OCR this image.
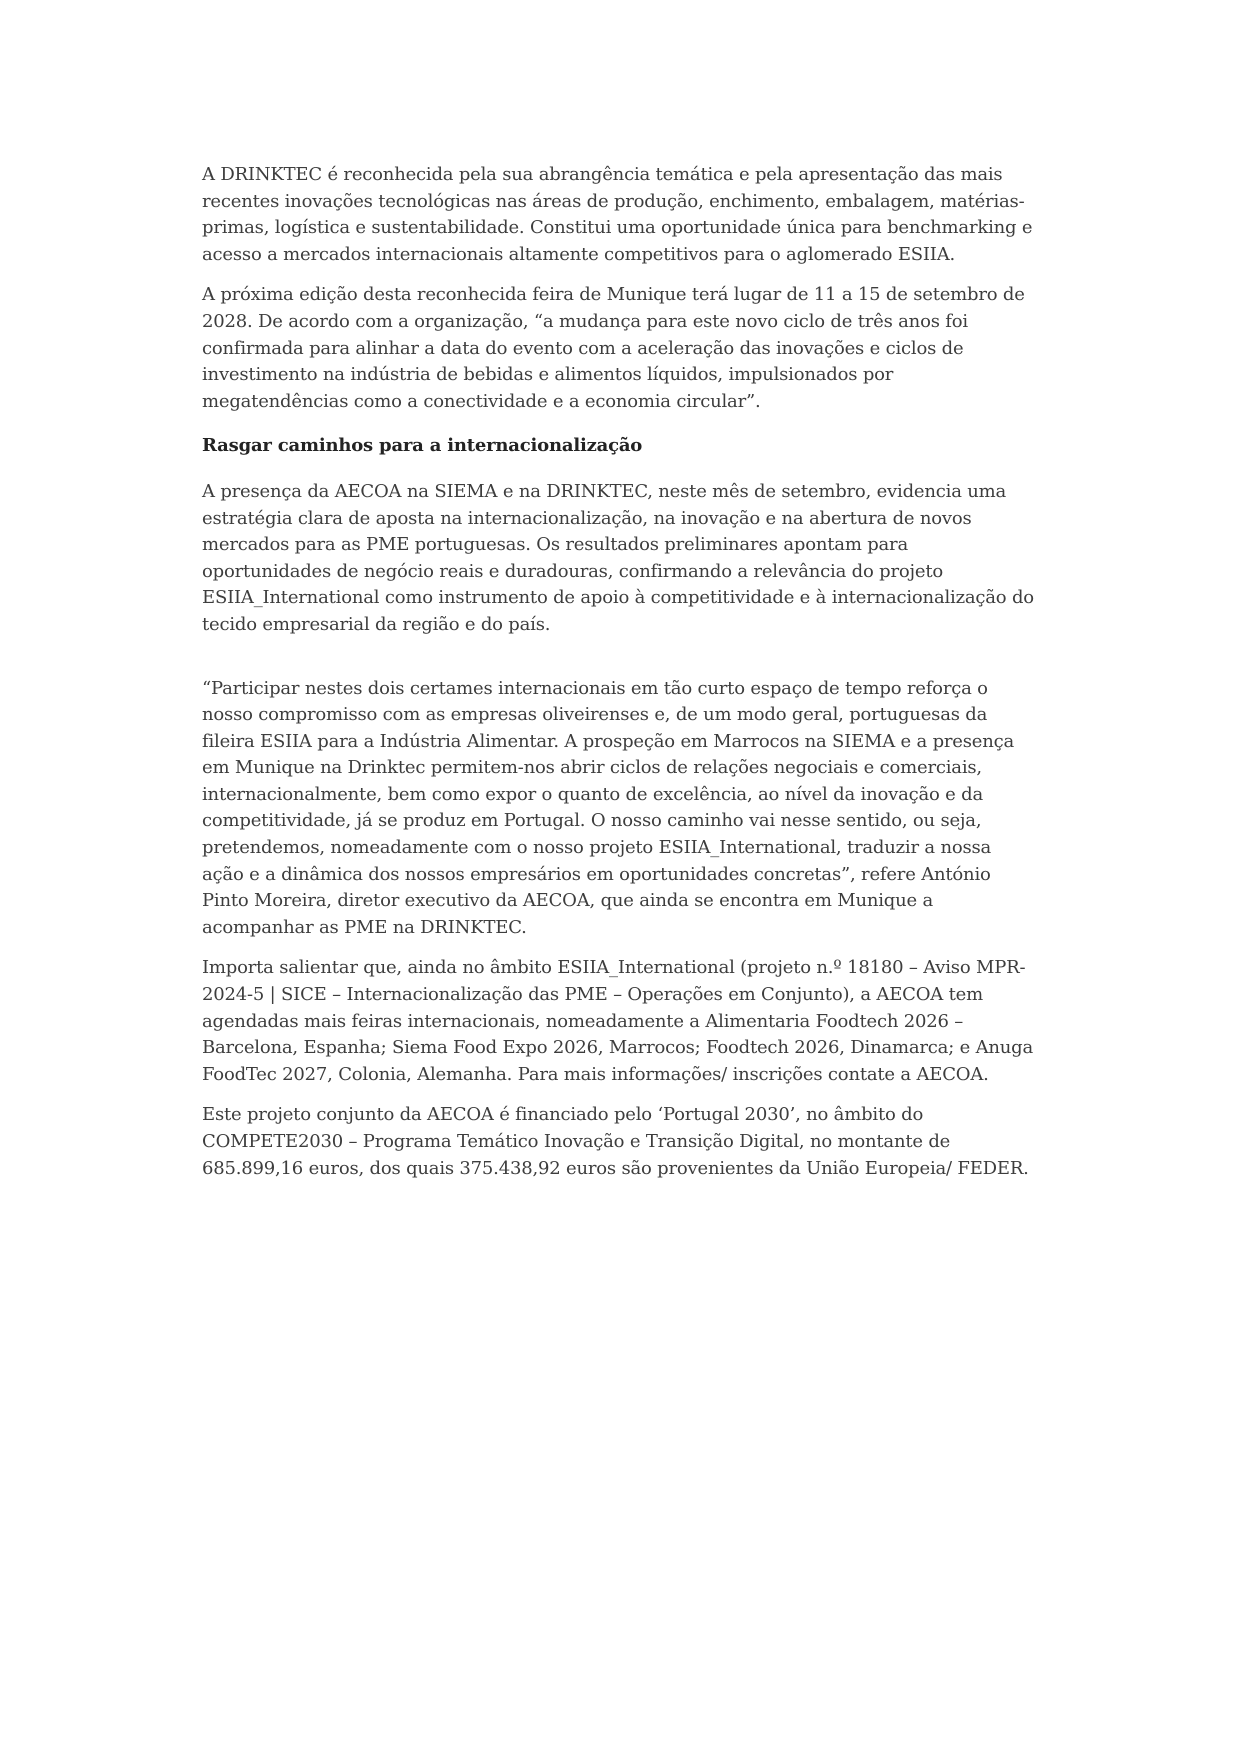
A DRINKTEC é reconhecida pela sua abrangência temática e pela apresentação das mais recentes inovações tecnológicas nas áreas de produção, enchimento, embalagem, matérias-primas, logística e sustentabilidade. Constitui uma oportunidade única para benchmarking e acesso a mercados internacionais altamente competitivos para o aglomerado ESIIA.

A próxima edição desta reconhecida feira de Munique terá lugar de 11 a 15 de setembro de 2028. De acordo com a organização, “a mudança para este novo ciclo de três anos foi confirmada para alinhar a data do evento com a aceleração das inovações e ciclos de investimento na indústria de bebidas e alimentos líquidos, impulsionados por megatendências como a conectividade e a economia circular”.

Rasgar caminhos para a internacionalização

A presença da AECOA na SIEMA e na DRINKTEC, neste mês de setembro, evidencia uma estratégia clara de aposta na internacionalização, na inovação e na abertura de novos mercados para as PME portuguesas. Os resultados preliminares apontam para oportunidades de negócio reais e duradouras, confirmando a relevância do projeto ESIIA_International como instrumento de apoio à competitividade e à internacionalização do tecido empresarial da região e do país.

“Participar nestes dois certames internacionais em tão curto espaço de tempo reforça o nosso compromisso com as empresas oliveirenses e, de um modo geral, portuguesas da fileira ESIIA para a Indústria Alimentar. A prospeção em Marrocos na SIEMA e a presença em Munique na Drinktec permitem-nos abrir ciclos de relações negociais e comerciais, internacionalmente, bem como expor o quanto de excelência, ao nível da inovação e da competitividade, já se produz em Portugal. O nosso caminho vai nesse sentido, ou seja, pretendemos, nomeadamente com o nosso projeto ESIIA_International, traduzir a nossa ação e a dinâmica dos nossos empresários em oportunidades concretas”, refere António Pinto Moreira, diretor executivo da AECOA, que ainda se encontra em Munique a acompanhar as PME na DRINKTEC.

Importa salientar que, ainda no âmbito ESIIA_International (projeto n.º 18180 – Aviso MPR-2024-5 | SICE – Internacionalização das PME – Operações em Conjunto), a AECOA tem agendadas mais feiras internacionais, nomeadamente a Alimentaria Foodtech 2026 – Barcelona, Espanha; Siema Food Expo 2026, Marrocos; Foodtech 2026, Dinamarca; e Anuga FoodTec 2027, Colonia, Alemanha. Para mais informações/ inscrições contate a AECOA.

Este projeto conjunto da AECOA é financiado pelo ‘Portugal 2030’, no âmbito do COMPETE2030 – Programa Temático Inovação e Transição Digital, no montante de 685.899,16 euros, dos quais 375.438,92 euros são provenientes da União Europeia/ FEDER.
